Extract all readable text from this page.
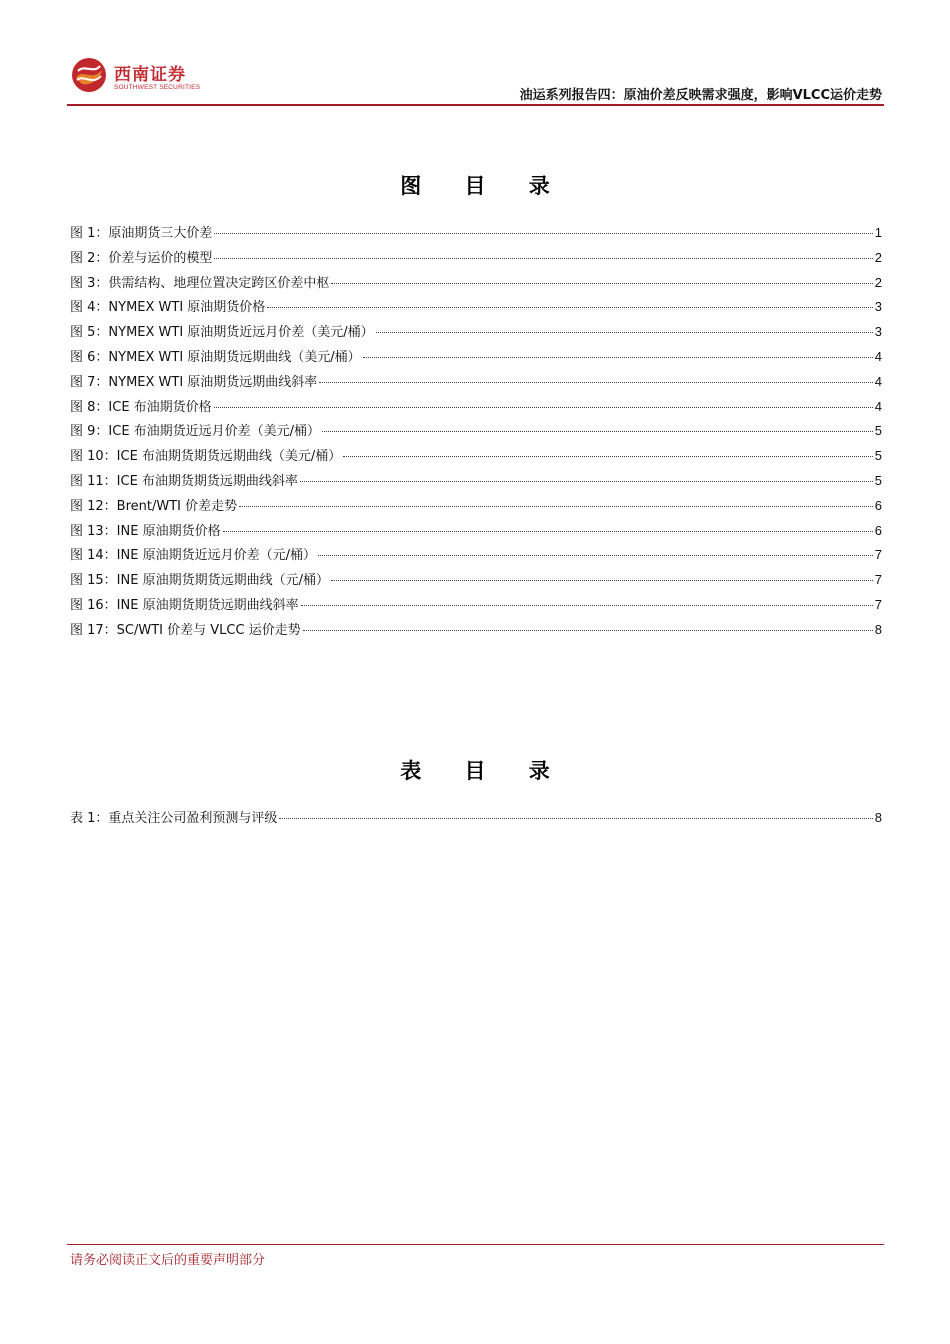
西南证券
SOUTHWEST SECURITIES
油运系列报告四：原油价差反映需求强度，影响VLCC运价走势
图 目 录
图 1：原油期货三大价差	1
图 2：价差与运价的模型	2
图 3：供需结构、地理位置决定跨区价差中枢	2
图 4：NYMEX WTI 原油期货价格	3
图 5：NYMEX WTI 原油期货近远月价差（美元/桶）	3
图 6：NYMEX WTI 原油期货远期曲线（美元/桶）	4
图 7：NYMEX WTI 原油期货远期曲线斜率	4
图 8：ICE 布油期货价格	4
图 9：ICE 布油期货近远月价差（美元/桶）	5
图 10：ICE 布油期货期货远期曲线（美元/桶）	5
图 11：ICE 布油期货期货远期曲线斜率	5
图 12：Brent/WTI 价差走势	6
图 13：INE 原油期货价格	6
图 14：INE 原油期货近远月价差（元/桶）	7
图 15：INE 原油期货期货远期曲线（元/桶）	7
图 16：INE 原油期货期货远期曲线斜率	7
图 17：SC/WTI 价差与 VLCC 运价走势	8
表 目 录
表 1：重点关注公司盈利预测与评级	8
请务必阅读正文后的重要声明部分
